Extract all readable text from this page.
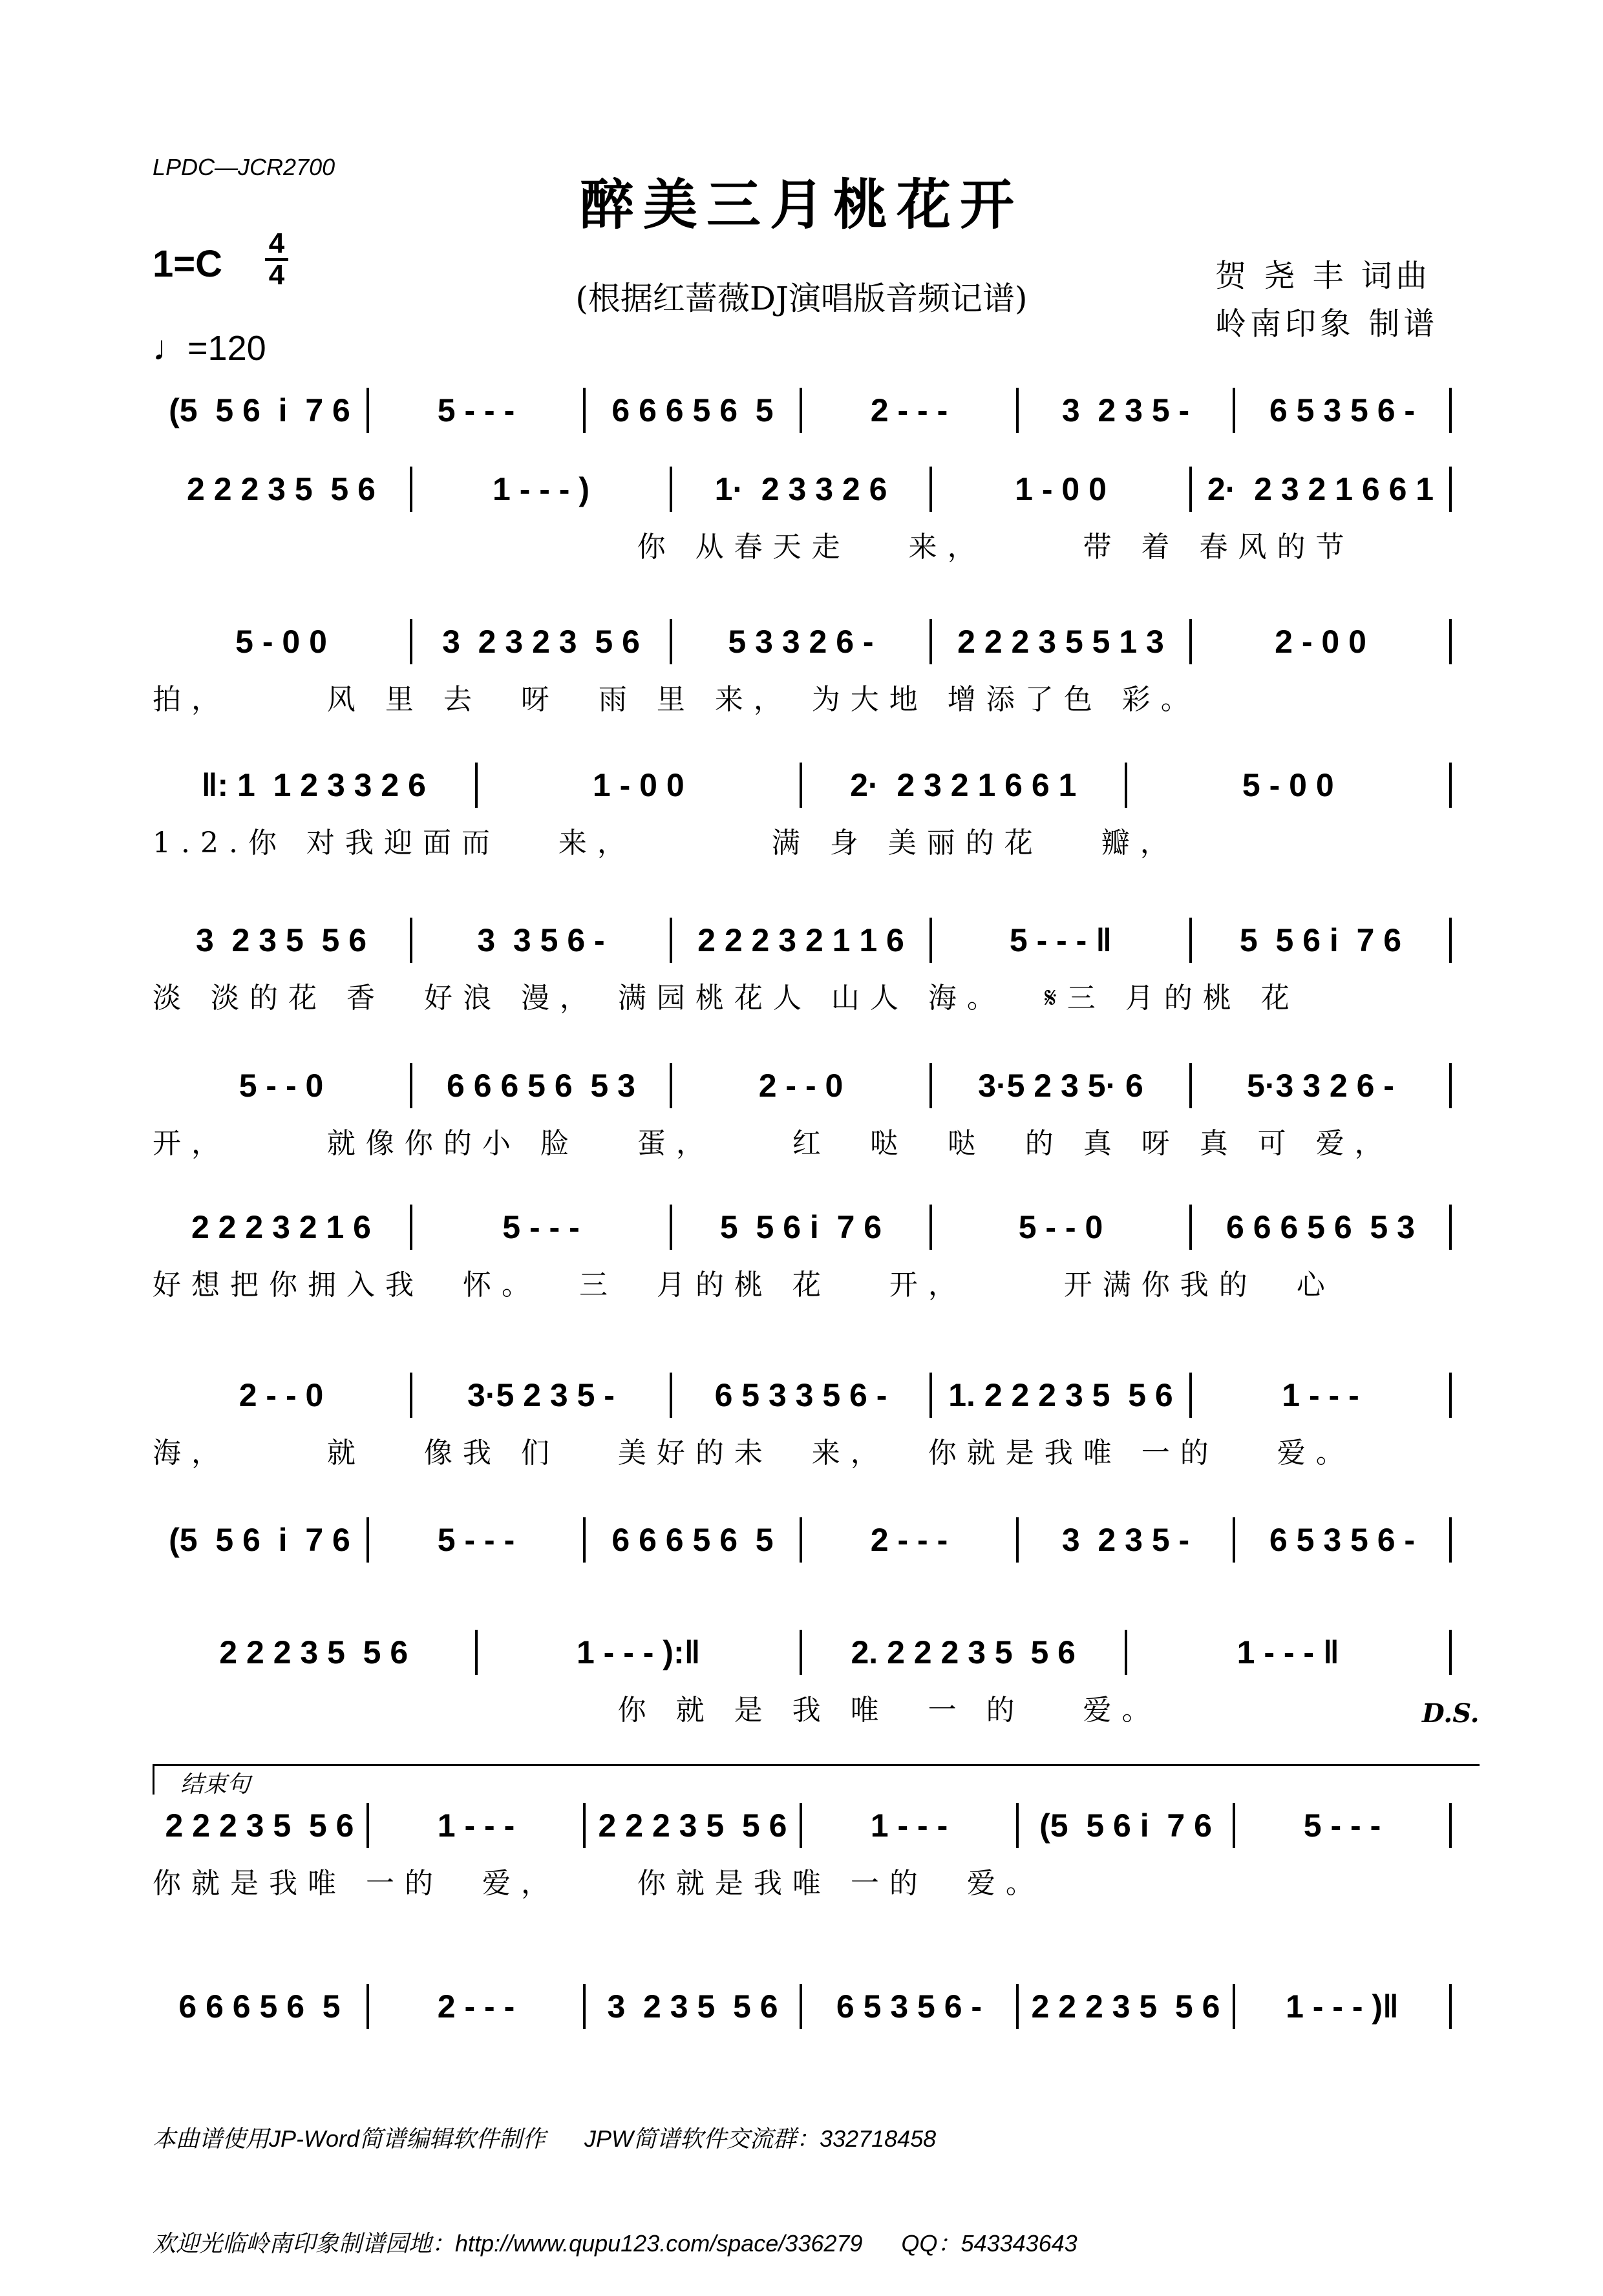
LPDC—JCR2700
醉美三月桃花开
1=C 4
4
(根据红蔷薇DJ演唱版音频记谱)
贺 尧 丰 词曲
岭南印象 制谱
♩=120
(5  5 6  i  7 6	5 - - -	6 6 6 5 6  5	2 - - -	3  2 3 5 -	6 5 3 5 6 -
2 2 2 3 5  5 6	1 - - - )	1·  2 3 3 2 6	1 - 0 0	2·  2 3 2 1 6 6 1
你 从春天走   来，     带 着 春风的节
5 - 0 0	3  2 3 2 3  5 6	5 3 3 2 6 -	2 2 2 3 5 5 1 3	2 - 0 0
拍，     风 里 去  呀  雨 里 来， 为大地 增添了色 彩。
‖: 1  1 2 3 3 2 6	1 - 0 0	2·  2 3 2 1 6 6 1	5 - 0 0
1.2.你 对我迎面而   来，       满 身 美丽的花   瓣，
3  2 3 5  5 6	3  3 5 6 -	2 2 2 3 2 1 1 6	5 - - - ‖	5  5 6 i  7 6
淡 淡的花 香  好浪 漫， 满园桃花人 山人 海。  𝄋三 月的桃 花
5 - - 0	6 6 6 5 6  5 3	2 - - 0	3·5 2 3 5· 6	5·3 3 2 6 -
开，     就像你的小 脸   蛋，    红  哒  哒  的 真 呀 真 可 爱，
2 2 2 3 2 1 6	5 - - -	5  5 6 i  7 6	5 - - 0	6 6 6 5 6  5 3
好想把你拥入我  怀。  三  月的桃 花   开，     开满你我的  心
2 - - 0	3·5 2 3 5 -	6 5 3 3 5 6 -	1. 2 2 2 3 5  5 6	1 - - -
海，     就   像我 们   美好的未  来，  你就是我唯 一的   爱。
(5  5 6  i  7 6	5 - - -	6 6 6 5 6  5	2 - - -	3  2 3 5 -	6 5 3 5 6 -
2 2 2 3 5  5 6	1 - - - ):‖	2. 2 2 2 3 5  5 6	1 - - - ‖
你 就 是 我 唯  一 的   爱。
2 2 2 3 5  5 6	1 - - -	2 2 2 3 5  5 6	1 - - -	(5  5 6 i  7 6	5 - - -
你就是我唯 一的  爱，    你就是我唯 一的  爱。
6 6 6 5 6  5	2 - - -	3  2 3 5  5 6	6 5 3 5 6 -	2 2 2 3 5  5 6	1 - - - )‖
结束句
D.S.

本曲谱使用JP-Word简谱编辑软件制作      JPW简谱软件交流群：332718458

欢迎光临岭南印象制谱园地：http://www.qupu123.com/space/336279      QQ：543343643
